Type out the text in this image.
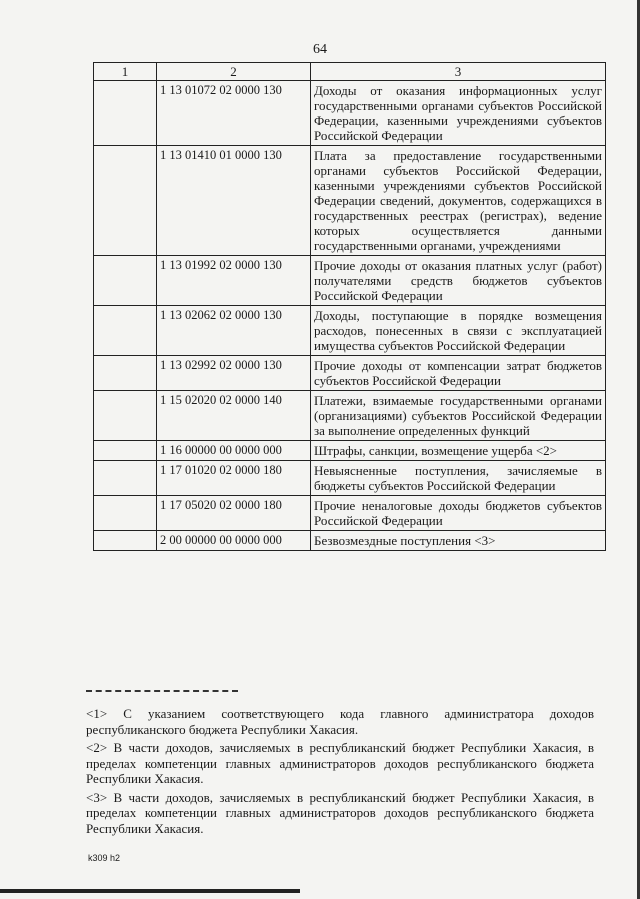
64
1	2	3
	1 13 01072 02 0000 130	Доходы от оказания информационных услуг государственными органами субъектов Российской Федерации, казенными учреждениями субъектов Российской Федерации
	1 13 01410 01 0000 130	Плата за предоставление государственными органами субъектов Российской Федерации, казенными учреждениями субъектов Российской Федерации сведений, документов, содержащихся в государственных реестрах (регистрах), ведение которых осуществляется данными государственными органами, учреждениями
	1 13 01992 02 0000 130	Прочие доходы от оказания платных услуг (работ) получателями средств бюджетов субъектов Российской Федерации
	1 13 02062 02 0000 130	Доходы, поступающие в порядке возмещения расходов, понесенных в связи с эксплуатацией имущества субъектов Российской Федерации
	1 13 02992 02 0000 130	Прочие доходы от компенсации затрат бюджетов субъектов Российской Федерации
	1 15 02020 02 0000 140	Платежи, взимаемые государственными органами (организациями) субъектов Российской Федерации за выполнение определенных функций
	1 16 00000 00 0000 000	Штрафы, санкции, возмещение ущерба <2>
	1 17 01020 02 0000 180	Невыясненные поступления, зачисляемые в бюджеты субъектов Российской Федерации
	1 17 05020 02 0000 180	Прочие неналоговые доходы бюджетов субъектов Российской Федерации
	2 00 00000 00 0000 000	Безвозмездные поступления <3>

<1> С указанием соответствующего кода главного администратора доходов республиканского бюджета Республики Хакасия.

<2> В части доходов, зачисляемых в республиканский бюджет Республики Хакасия, в пределах компетенции главных администраторов доходов республиканского бюджета Республики Хакасия.

<3> В части доходов, зачисляемых в республиканский бюджет Республики Хакасия, в пределах компетенции главных администраторов доходов республиканского бюджета Республики Хакасия.

k309 h2
